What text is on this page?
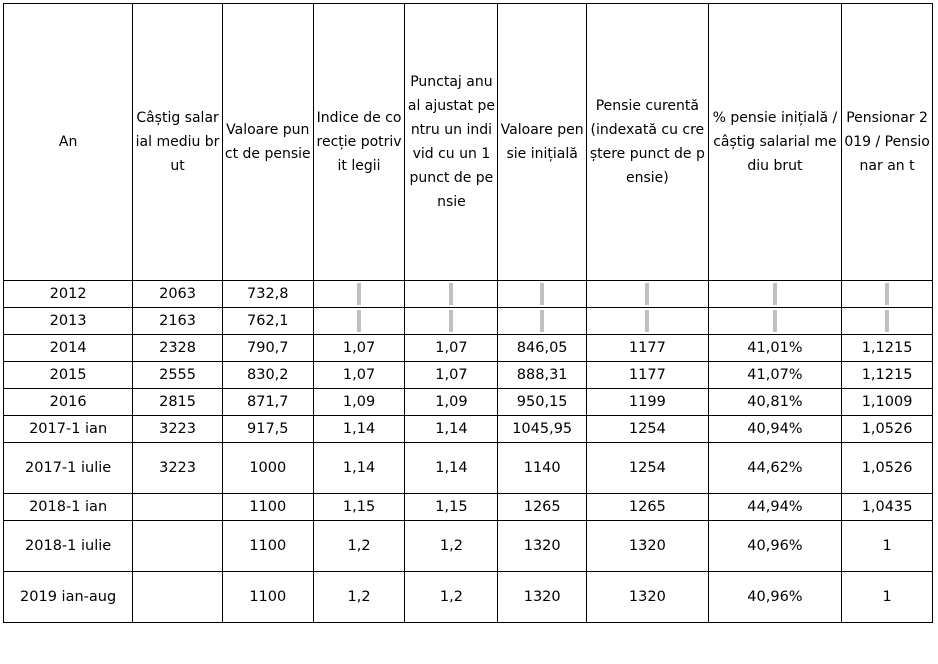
An	Câștig salarial mediu brut	Valoare punct de pensie	Indice de corecție potrivit legii	Punctaj anual ajustat pentru un individ cu un 1 punct de pensie	Valoare pensie inițială	Pensie curentă (indexată cu creștere punct de pensie)	% pensie inițială / câștig salarial mediu brut	Pensionar 2019 / Pensionar an t
2012	2063	732,8						
2013	2163	762,1						
2014	2328	790,7	1,07	1,07	846,05	1177	41,01%	1,1215
2015	2555	830,2	1,07	1,07	888,31	1177	41,07%	1,1215
2016	2815	871,7	1,09	1,09	950,15	1199	40,81%	1,1009
2017-1 ian	3223	917,5	1,14	1,14	1045,95	1254	40,94%	1,0526
2017-1 iulie	3223	1000	1,14	1,14	1140	1254	44,62%	1,0526
2018-1 ian		1100	1,15	1,15	1265	1265	44,94%	1,0435
2018-1 iulie		1100	1,2	1,2	1320	1320	40,96%	1
2019 ian-aug		1100	1,2	1,2	1320	1320	40,96%	1
